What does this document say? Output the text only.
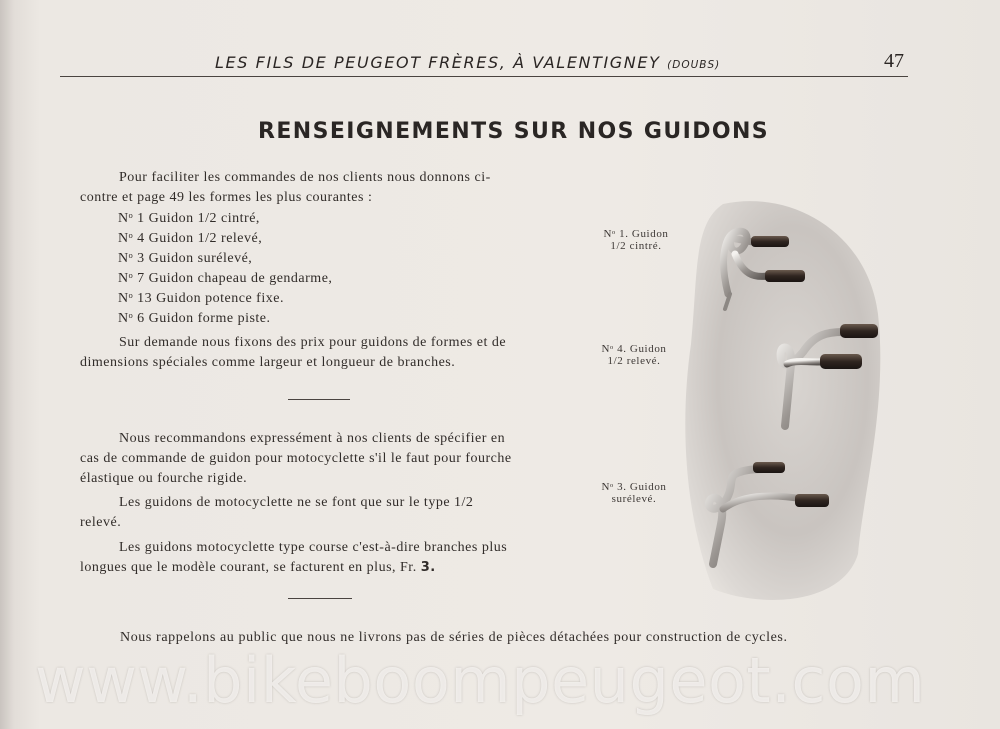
LES FILS DE PEUGEOT FRÈRES, À VALENTIGNEY (DOUBS)	47
RENSEIGNEMENTS SUR NOS GUIDONS
Pour faciliter les commandes de nos clients nous donnons ci-
contre et page 49 les formes les plus courantes :
Nᵒ 1 Guidon 1/2 cintré,
Nᵒ 4 Guidon 1/2 relevé,
Nᵒ 3 Guidon surélevé,
Nᵒ 7 Guidon chapeau de gendarme,
Nᵒ 13 Guidon potence fixe.
Nᵒ 6 Guidon forme piste.
Sur demande nous fixons des prix pour guidons de formes et de
dimensions spéciales comme largeur et longueur de branches.
Nous recommandons expressément à nos clients de spécifier en
cas de commande de guidon pour motocyclette s'il le faut pour fourche
élastique ou fourche rigide.
Les guidons de motocyclette ne se font que sur le type 1/2
relevé.
Les guidons motocyclette type course c'est-à-dire branches plus
longues que le modèle courant, se facturent en plus, Fr. 3.
Nᵒ 1. Guidon
1/2 cintré.
Nᵒ 4. Guidon
1/2 relevé.
Nᵒ 3. Guidon
surélevé.
Nous rappelons au public que nous ne livrons pas de séries de pièces détachées pour construction de cycles.
www.bikeboompeugeot.com
